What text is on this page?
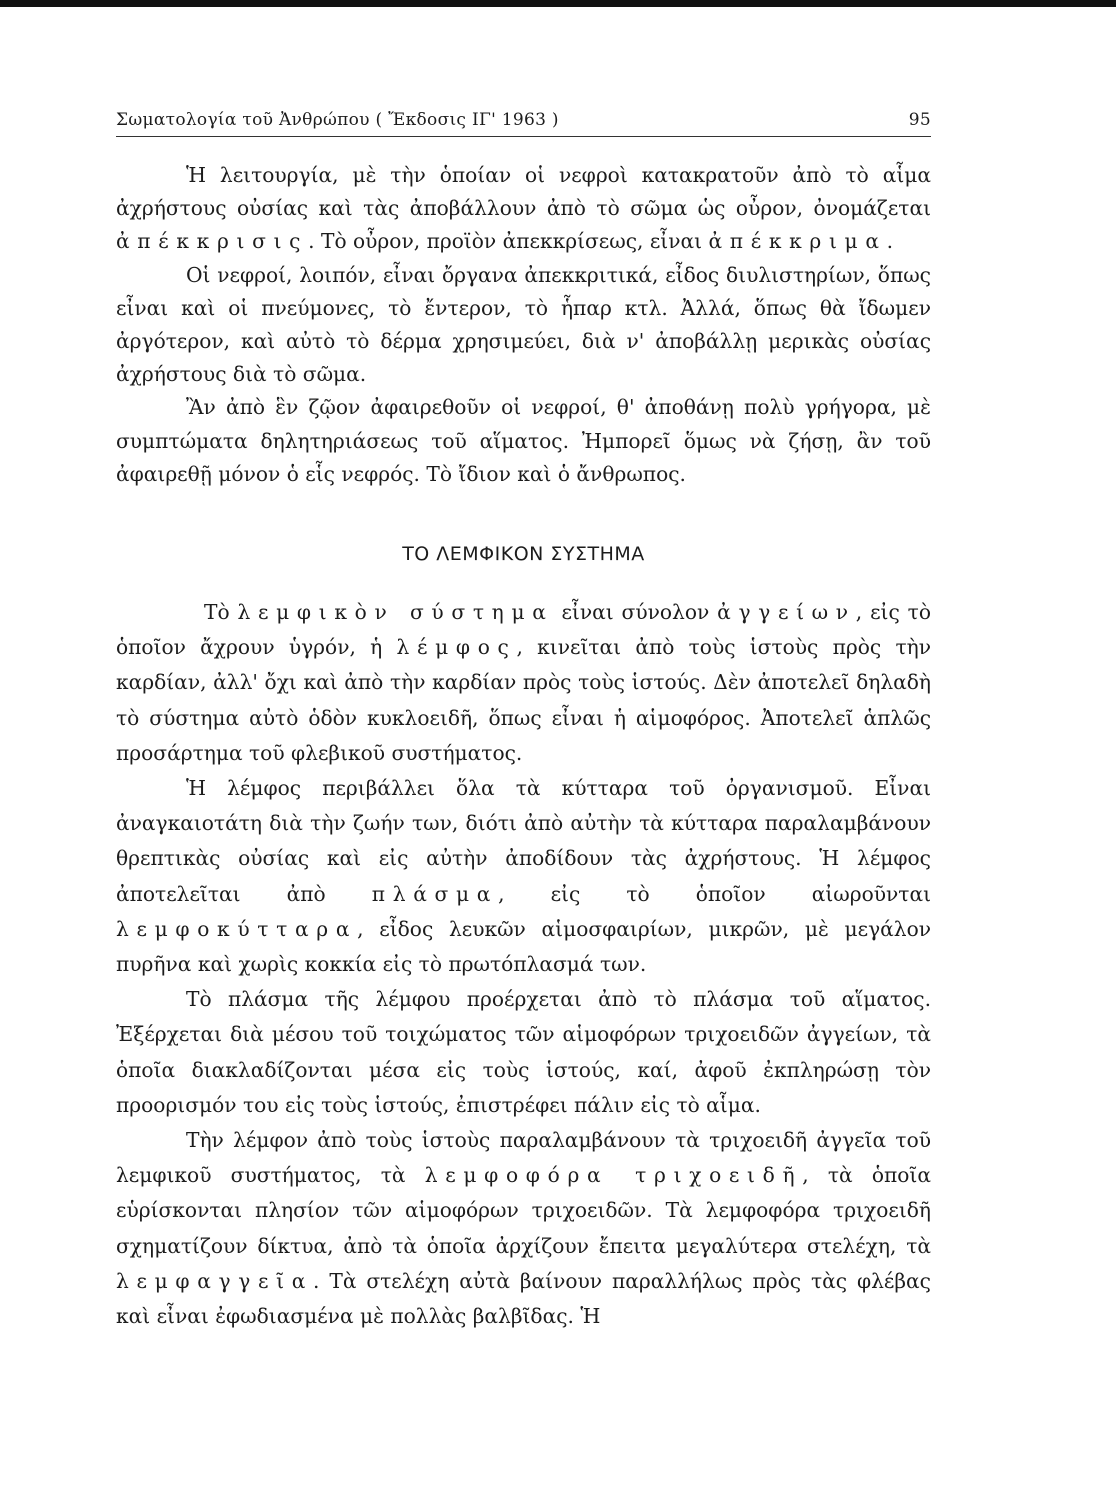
Σωματολογία τοῦ Ἀνθρώπου ( Ἔκδοσις ΙΓ' 1963 )	95

Ἡ λειτουργία, μὲ τὴν ὁποίαν οἱ νεφροὶ κατακρατοῦν ἀπὸ τὸ αἷμα ἀχρήστους οὐσίας καὶ τὰς ἀποβάλλουν ἀπὸ τὸ σῶμα ὡς οὖρον, ὀνομάζεται ἀπέκκρισις. Τὸ οὖρον, προϊὸν ἀπεκκρίσεως, εἶναι ἀπέκκριμα.

Οἱ νεφροί, λοιπόν, εἶναι ὄργανα ἀπεκκριτικά, εἶδος διυλιστηρίων, ὅπως εἶναι καὶ οἱ πνεύμονες, τὸ ἔντερον, τὸ ἧπαρ κτλ. Ἀλλά, ὅπως θὰ ἴδωμεν ἀργότερον, καὶ αὐτὸ τὸ δέρμα χρησιμεύει, διὰ ν' ἀποβάλλῃ μερικὰς οὐσίας ἀχρήστους διὰ τὸ σῶμα.

Ἂν ἀπὸ ἓν ζῷον ἀφαιρεθοῦν οἱ νεφροί, θ' ἀποθάνῃ πολὺ γρήγορα, μὲ συμπτώματα δηλητηριάσεως τοῦ αἵματος. Ἠμπορεῖ ὅμως νὰ ζήσῃ, ἂν τοῦ ἀφαιρεθῇ μόνον ὁ εἷς νεφρός. Τὸ ἴδιον καὶ ὁ ἄνθρωπος.

ΤΟ ΛΕΜΦΙΚΟΝ ΣΥΣΤΗΜΑ

Τὸ λεμφικὸν σύστημα εἶναι σύνολον ἀγγείων, εἰς τὸ ὁποῖον ἄχρουν ὑγρόν, ἡ λέμφος, κινεῖται ἀπὸ τοὺς ἱστοὺς πρὸς τὴν καρδίαν, ἀλλ' ὄχι καὶ ἀπὸ τὴν καρδίαν πρὸς τοὺς ἱστούς. Δὲν ἀποτελεῖ δηλαδὴ τὸ σύστημα αὐτὸ ὁδὸν κυκλοειδῆ, ὅπως εἶναι ἡ αἱμοφόρος. Ἀποτελεῖ ἁπλῶς προσάρτημα τοῦ φλεβικοῦ συστήματος.

Ἡ λέμφος περιβάλλει ὅλα τὰ κύτταρα τοῦ ὀργανισμοῦ. Εἶναι ἀναγκαιοτάτη διὰ τὴν ζωήν των, διότι ἀπὸ αὐτὴν τὰ κύτταρα παραλαμβάνουν θρεπτικὰς οὐσίας καὶ εἰς αὐτὴν ἀποδίδουν τὰς ἀχρήστους. Ἡ λέμφος ἀποτελεῖται ἀπὸ πλάσμα, εἰς τὸ ὁποῖον αἰωροῦνται λεμφοκύτταρα, εἶδος λευκῶν αἱμοσφαιρίων, μικρῶν, μὲ μεγάλον πυρῆνα καὶ χωρὶς κοκκία εἰς τὸ πρωτόπλασμά των.

Τὸ πλάσμα τῆς λέμφου προέρχεται ἀπὸ τὸ πλάσμα τοῦ αἵματος. Ἐξέρχεται διὰ μέσου τοῦ τοιχώματος τῶν αἱμοφόρων τριχοειδῶν ἀγγείων, τὰ ὁποῖα διακλαδίζονται μέσα εἰς τοὺς ἱστούς, καί, ἀφοῦ ἐκπληρώσῃ τὸν προορισμόν του εἰς τοὺς ἱστούς, ἐπιστρέφει πάλιν εἰς τὸ αἷμα.

Τὴν λέμφον ἀπὸ τοὺς ἱστοὺς παραλαμβάνουν τὰ τριχοειδῆ ἀγγεῖα τοῦ λεμφικοῦ συστήματος, τὰ λεμφοφόρα τριχοειδῆ, τὰ ὁποῖα εὑρίσκονται πλησίον τῶν αἱμοφόρων τριχοειδῶν. Τὰ λεμφοφόρα τριχοειδῆ σχηματίζουν δίκτυα, ἀπὸ τὰ ὁποῖα ἀρχίζουν ἔπειτα μεγαλύτερα στελέχη, τὰ λεμφαγγεῖα. Τὰ στελέχη αὐτὰ βαίνουν παραλλήλως πρὸς τὰς φλέβας καὶ εἶναι ἐφωδιασμένα μὲ πολλὰς βαλβῖδας. Ἡ
